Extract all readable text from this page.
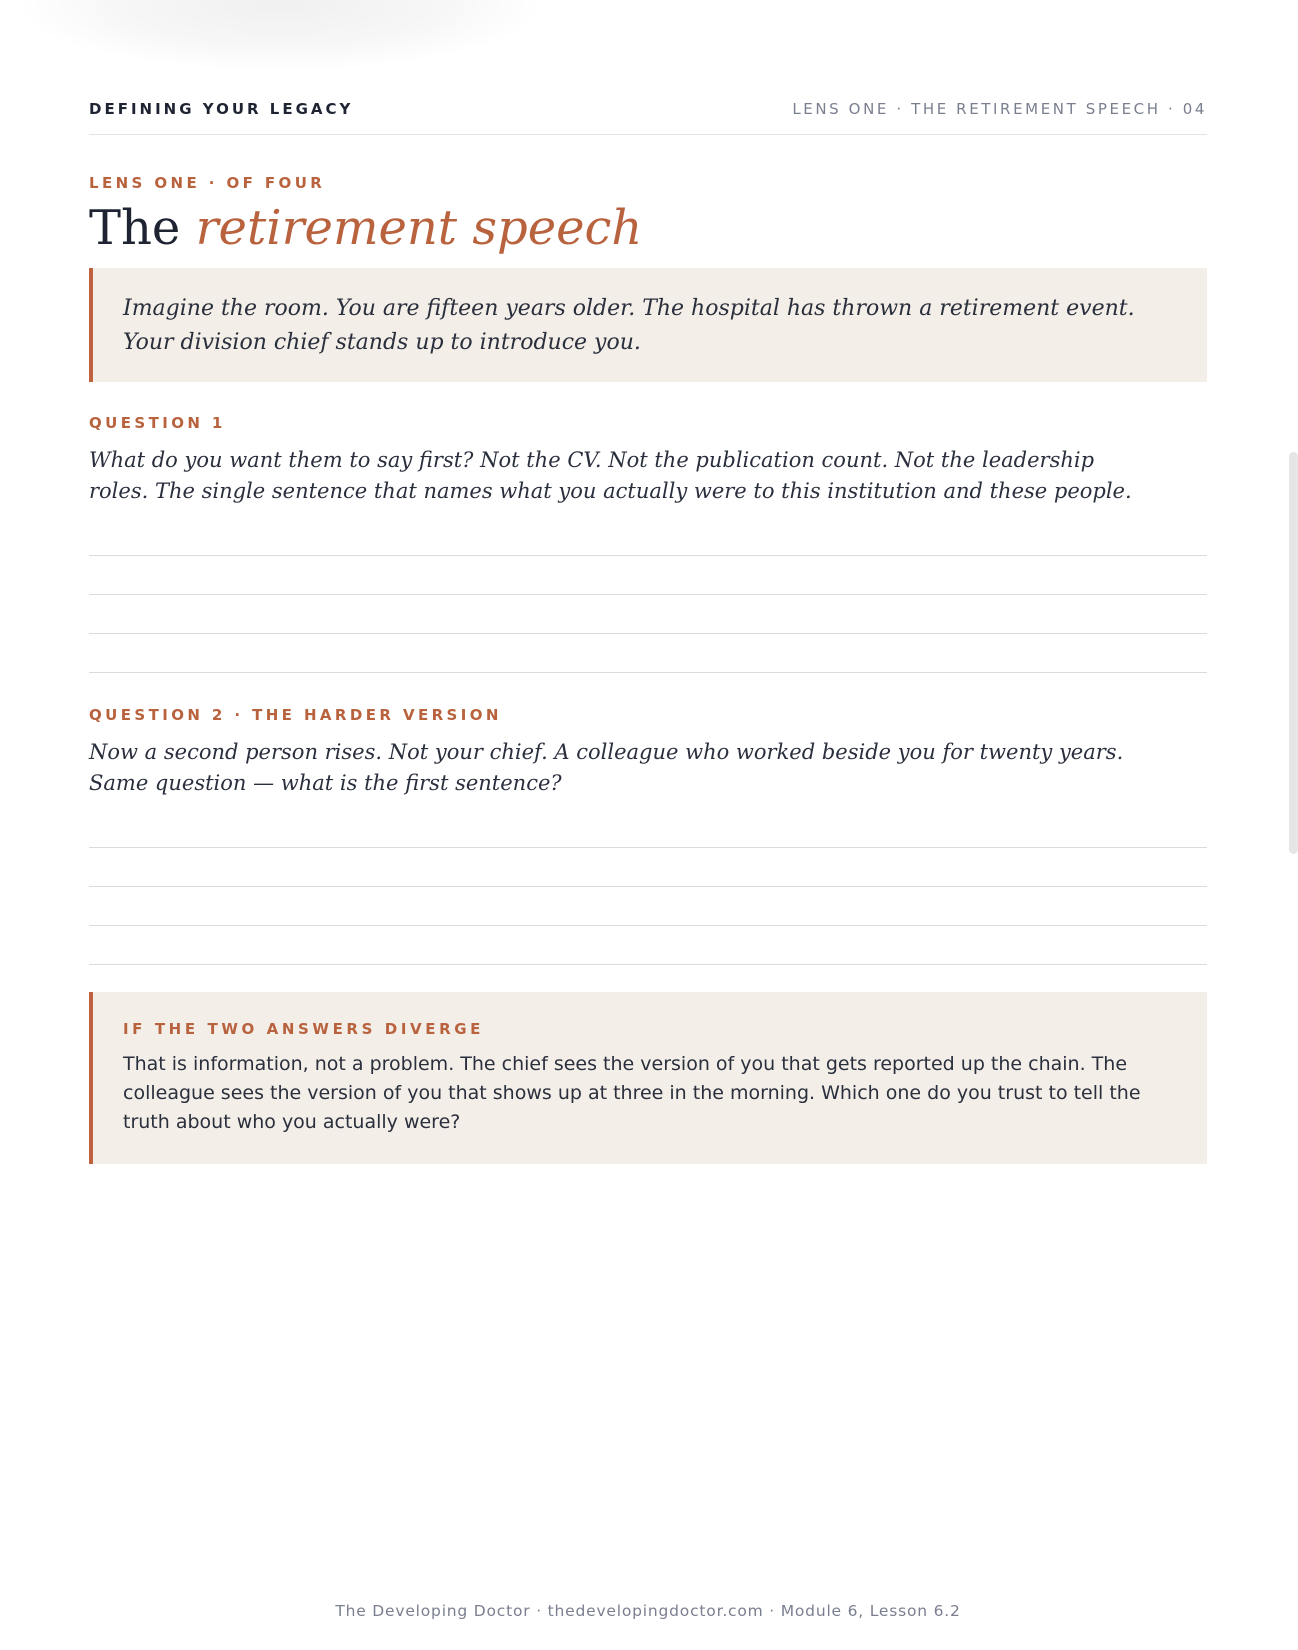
DEFINING YOUR LEGACY	LENS ONE · THE RETIREMENT SPEECH · 04
LENS ONE · OF FOUR
The retirement speech
Imagine the room. You are fifteen years older. The hospital has thrown a retirement event. Your division chief stands up to introduce you.
QUESTION 1
What do you want them to say first? Not the CV. Not the publication count. Not the leadership
roles. The single sentence that names what you actually were to this institution and these people.
QUESTION 2 · THE HARDER VERSION
Now a second person rises. Not your chief. A colleague who worked beside you for twenty years.
Same question — what is the first sentence?
IF THE TWO ANSWERS DIVERGE
That is information, not a problem. The chief sees the version of you that gets reported up the chain. The colleague sees the version of you that shows up at three in the morning. Which one do you trust to tell the truth about who you actually were?
The Developing Doctor · thedevelopingdoctor.com · Module 6, Lesson 6.2
